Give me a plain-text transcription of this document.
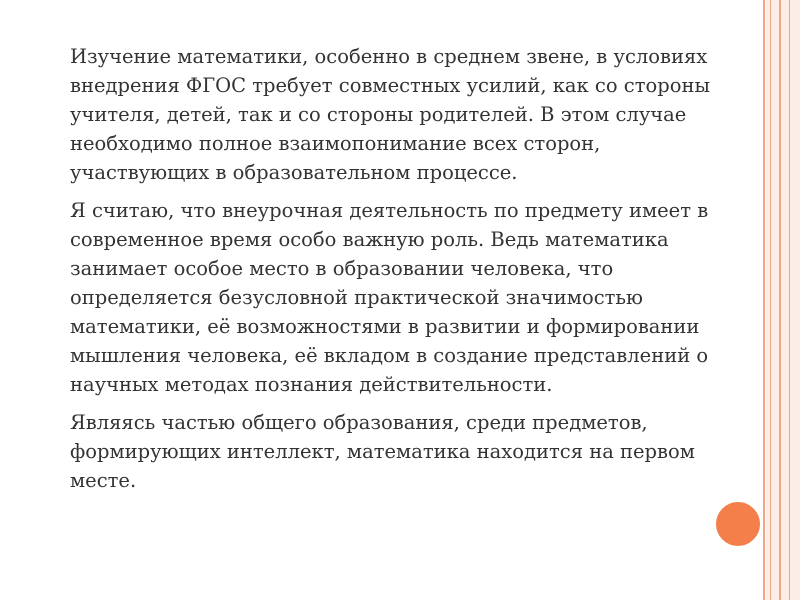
Изучение математики, особенно в среднем звене, в условиях внедрения ФГОС требует совместных усилий, как со стороны учителя, детей, так и со стороны родителей. В этом случае необходимо полное взаимопонимание всех сторон, участвующих в образовательном процессе.
Я считаю, что внеурочная деятельность по предмету имеет в современное время особо важную роль. Ведь математика занимает особое место в образовании человека, что определяется безусловной практической значимостью математики, её возможностями в развитии и формировании мышления человека, её вкладом в создание представлений о научных методах познания действительности.
Являясь частью общего образования, среди предметов, формирующих интеллект, математика находится на первом месте.
